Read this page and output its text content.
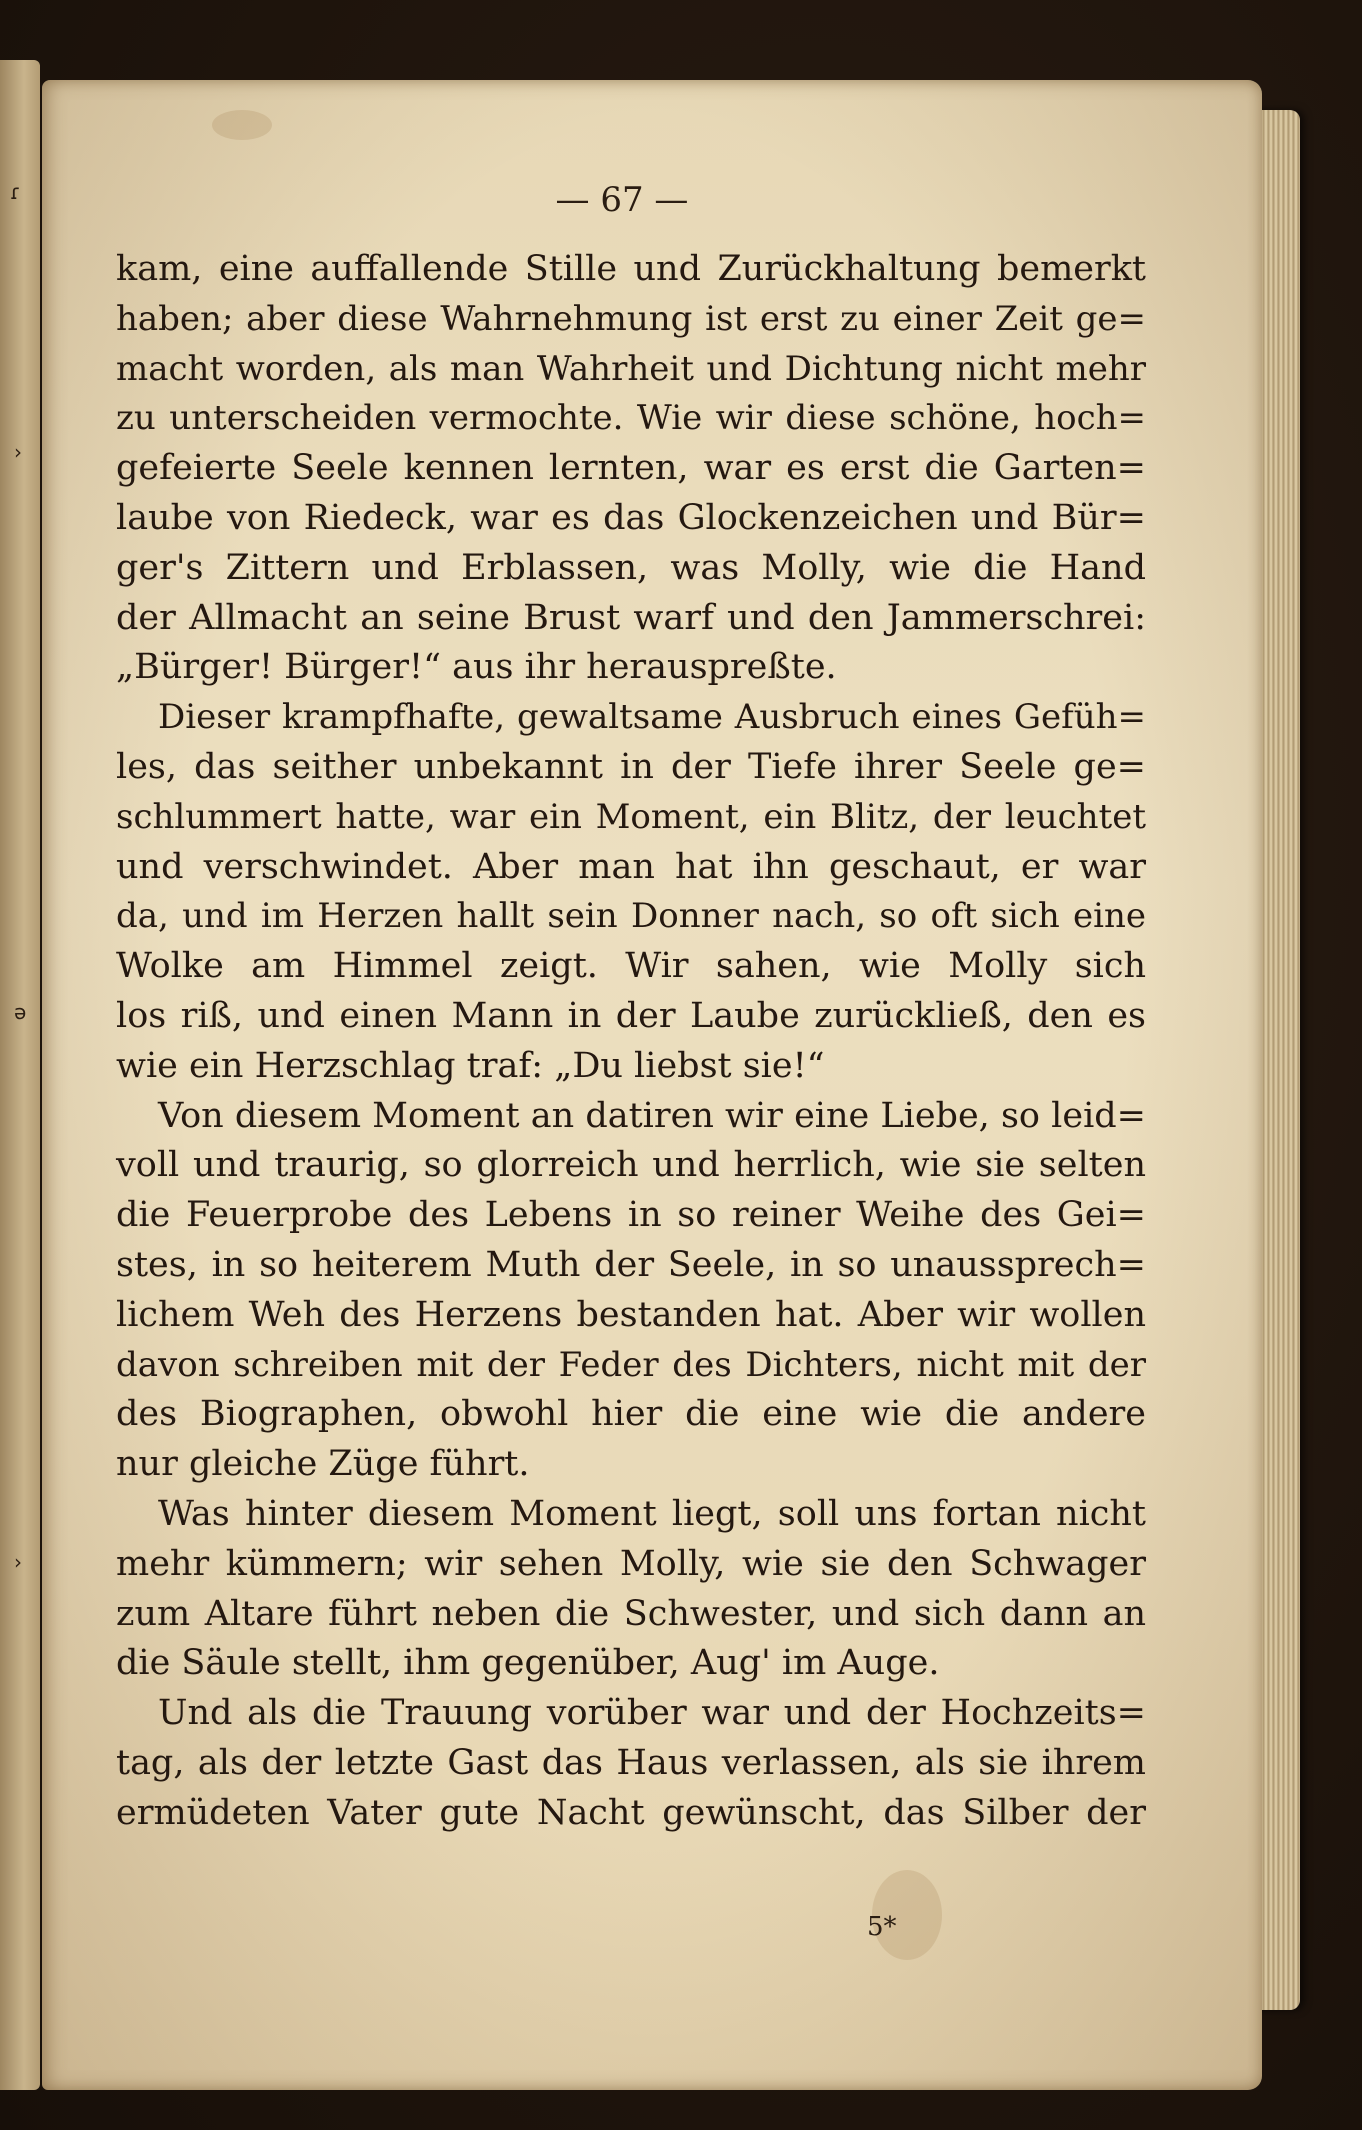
ɾ
›
ə
›
— 67 —
kam, eine auffallende Stille und Zurückhaltung bemerkt
haben; aber diese Wahrnehmung ist erst zu einer Zeit ge=
macht worden, als man Wahrheit und Dichtung nicht mehr
zu unterscheiden vermochte. Wie wir diese schöne, hoch=
gefeierte Seele kennen lernten, war es erst die Garten=
laube von Riedeck, war es das Glockenzeichen und Bür=
ger's Zittern und Erblassen, was Molly, wie die Hand
der Allmacht an seine Brust warf und den Jammerschrei:
„Bürger! Bürger!“ aus ihr herauspreßte.
Dieser krampfhafte, gewaltsame Ausbruch eines Gefüh=
les, das seither unbekannt in der Tiefe ihrer Seele ge=
schlummert hatte, war ein Moment, ein Blitz, der leuchtet
und verschwindet. Aber man hat ihn geschaut, er war
da, und im Herzen hallt sein Donner nach, so oft sich eine
Wolke am Himmel zeigt. Wir sahen, wie Molly sich
los riß, und einen Mann in der Laube zurückließ, den es
wie ein Herzschlag traf: „Du liebst sie!“
Von diesem Moment an datiren wir eine Liebe, so leid=
voll und traurig, so glorreich und herrlich, wie sie selten
die Feuerprobe des Lebens in so reiner Weihe des Gei=
stes, in so heiterem Muth der Seele, in so unaussprech=
lichem Weh des Herzens bestanden hat. Aber wir wollen
davon schreiben mit der Feder des Dichters, nicht mit der
des Biographen, obwohl hier die eine wie die andere
nur gleiche Züge führt.
Was hinter diesem Moment liegt, soll uns fortan nicht
mehr kümmern; wir sehen Molly, wie sie den Schwager
zum Altare führt neben die Schwester, und sich dann an
die Säule stellt, ihm gegenüber, Aug' im Auge.
Und als die Trauung vorüber war und der Hochzeits=
tag, als der letzte Gast das Haus verlassen, als sie ihrem
ermüdeten Vater gute Nacht gewünscht, das Silber der
5*
